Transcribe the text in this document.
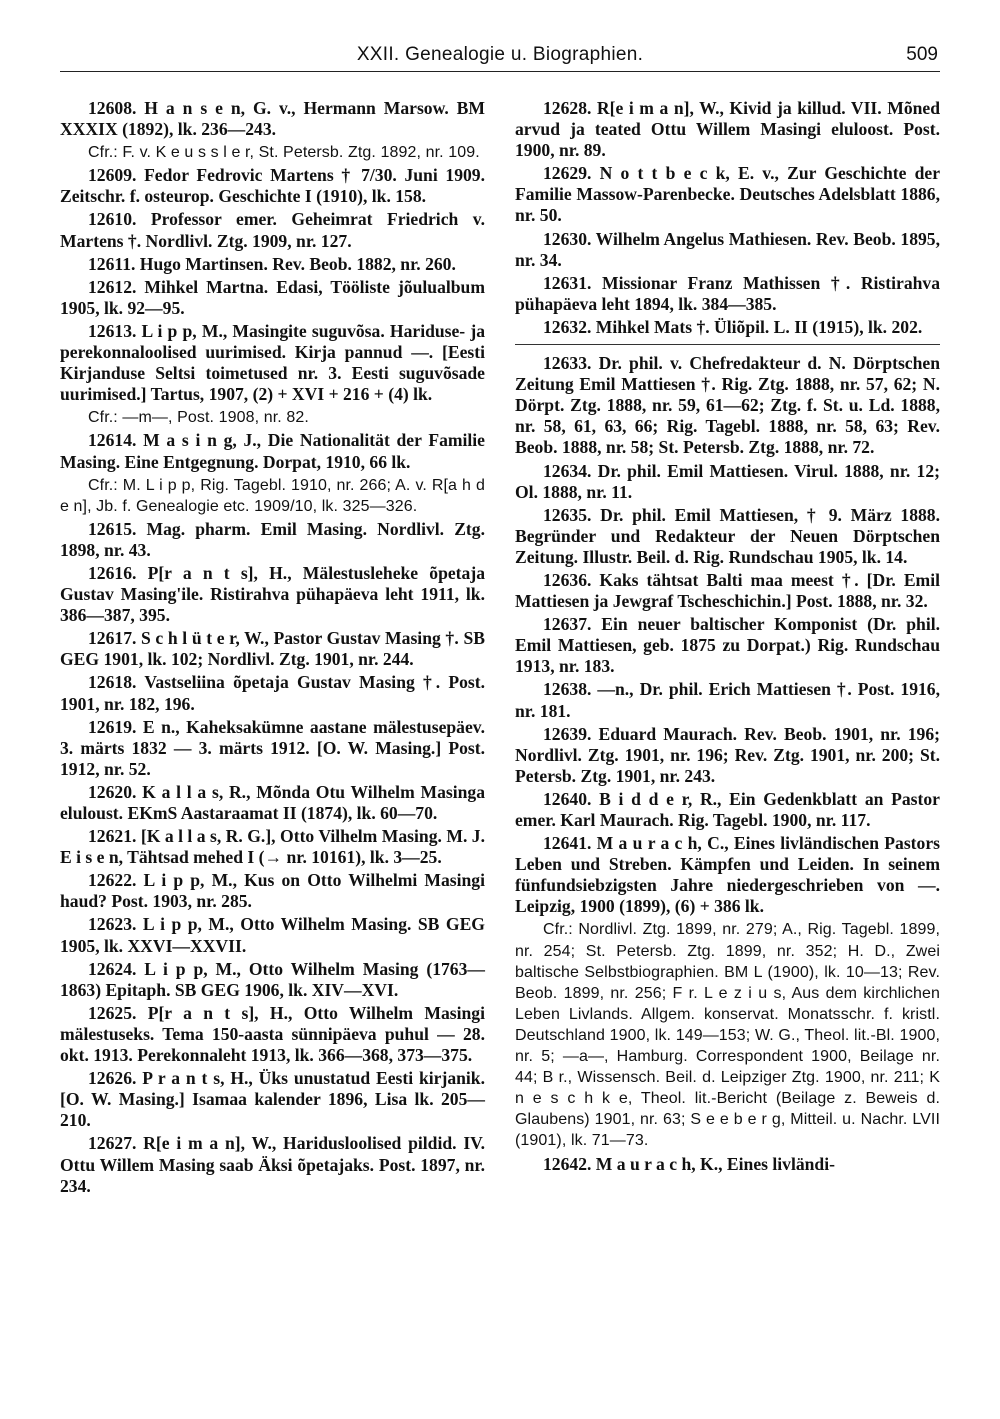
XXII. Genealogie u. Biographien.	509

12608. H a n s e n, G. v., Hermann Marsow. BM XXXIX (1892), lk. 236—243.

Cfr.: F. v. K e u s s l e r, St. Petersb. Ztg. 1892, nr. 109.

12609. Fedor Fedrovic Martens † 7/30. Juni 1909. Zeitschr. f. osteurop. Geschichte I (1910), lk. 158.

12610. Professor emer. Geheimrat Friedrich v. Martens †. Nordlivl. Ztg. 1909, nr. 127.

12611. Hugo Martinsen. Rev. Beob. 1882, nr. 260.

12612. Mihkel Martna. Edasi, Tööliste jõulualbum 1905, lk. 92—95.

12613. L i p p, M., Masingite suguvõsa. Hariduse- ja perekonnaloolised uurimised. Kirja pannud —. [Eesti Kirjanduse Seltsi toimetused nr. 3. Eesti suguvõsade uurimised.] Tartus, 1907, (2) + XVI + 216 + (4) lk.

Cfr.: —m—, Post. 1908, nr. 82.

12614. M a s i n g, J., Die Nationalität der Familie Masing. Eine Entgegnung. Dorpat, 1910, 66 lk.

Cfr.: M. L i p p, Rig. Tagebl. 1910, nr. 266; A. v. R[a h d e n], Jb. f. Genealogie etc. 1909/10, lk. 325—326.

12615. Mag. pharm. Emil Masing. Nordlivl. Ztg. 1898, nr. 43.

12616. P[r a n t s], H., Mälestusleheke õpetaja Gustav Masing'ile. Ristirahva pühapäeva leht 1911, lk. 386—387, 395.

12617. S c h l ü t e r, W., Pastor Gustav Masing †. SB GEG 1901, lk. 102; Nordlivl. Ztg. 1901, nr. 244.

12618. Vastseliina õpetaja Gustav Masing †. Post. 1901, nr. 182, 196.

12619. E n., Kaheksakümne aastane mälestusepäev. 3. märts 1832 — 3. märts 1912. [O. W. Masing.] Post. 1912, nr. 52.

12620. K a l l a s, R., Mõnda Otu Wilhelm Masinga eluloust. EKmS Aastaraamat II (1874), lk. 60—70.

12621. [K a l l a s, R. G.], Otto Vilhelm Masing. M. J. E i s e n, Tähtsad mehed I (→ nr. 10161), lk. 3—25.

12622. L i p p, M., Kus on Otto Wilhelmi Masingi haud? Post. 1903, nr. 285.

12623. L i p p, M., Otto Wilhelm Masing. SB GEG 1905, lk. XXVI—XXVII.

12624. L i p p, M., Otto Wilhelm Masing (1763—1863) Epitaph. SB GEG 1906, lk. XIV—XVI.

12625. P[r a n t s], H., Otto Wilhelm Masingi mälestuseks. Tema 150-aasta sünnipäeva puhul — 28. okt. 1913. Perekonnaleht 1913, lk. 366—368, 373—375.

12626. P r a n t s, H., Üks unustatud Eesti kirjanik. [O. W. Masing.] Isamaa kalender 1896, Lisa lk. 205—210.

12627. R[e i m a n], W., Hariduslоolised pildid. IV. Ottu Willem Masing saab Äksi õpetajaks. Post. 1897, nr. 234.

12628. R[e i m a n], W., Kivid ja killud. VII. Mõned arvud ja teated Ottu Willem Masingi eluloost. Post. 1900, nr. 89.

12629. N o t t b e c k, E. v., Zur Geschichte der Familie Massow-Parenbecke. Deutsches Adelsblatt 1886, nr. 50.

12630. Wilhelm Angelus Mathiesen. Rev. Beob. 1895, nr. 34.

12631. Missionar Franz Mathissen †. Ristirahva pühapäeva leht 1894, lk. 384—385.

12632. Mihkel Mats †. Üliõpil. L. II (1915), lk. 202.

12633. Dr. phil. v. Chefredakteur d. N. Dörptschen Zeitung Emil Mattiesen †. Rig. Ztg. 1888, nr. 57, 62; N. Dörpt. Ztg. 1888, nr. 59, 61—62; Ztg. f. St. u. Ld. 1888, nr. 58, 61, 63, 66; Rig. Tagebl. 1888, nr. 58, 63; Rev. Beob. 1888, nr. 58; St. Petersb. Ztg. 1888, nr. 72.

12634. Dr. phil. Emil Mattiesen. Virul. 1888, nr. 12; Ol. 1888, nr. 11.

12635. Dr. phil. Emil Mattiesen, † 9. März 1888. Begründer und Redakteur der Neuen Dörptschen Zeitung. Illustr. Beil. d. Rig. Rundschau 1905, lk. 14.

12636. Kaks tähtsat Balti maa meest †. [Dr. Emil Mattiesen ja Jewgraf Tscheschichin.] Post. 1888, nr. 32.

12637. Ein neuer baltischer Komponist (Dr. phil. Emil Mattiesen, geb. 1875 zu Dorpat.) Rig. Rundschau 1913, nr. 183.

12638. —n., Dr. phil. Erich Mattiesen †. Post. 1916, nr. 181.

12639. Eduard Maurach. Rev. Beob. 1901, nr. 196; Nordlivl. Ztg. 1901, nr. 196; Rev. Ztg. 1901, nr. 200; St. Petersb. Ztg. 1901, nr. 243.

12640. B i d d e r, R., Ein Gedenkblatt an Pastor emer. Karl Maurach. Rig. Tagebl. 1900, nr. 117.

12641. M a u r a c h, C., Eines livländischen Pastors Leben und Streben. Kämpfen und Leiden. In seinem fünfundsiebzigsten Jahre niedergeschrieben von —. Leipzig, 1900 (1899), (6) + 386 lk.

Cfr.: Nordlivl. Ztg. 1899, nr. 279; A., Rig. Tagebl. 1899, nr. 254; St. Petersb. Ztg. 1899, nr. 352; H. D., Zwei baltische Selbstbiographien. BM L (1900), lk. 10—13; Rev. Beob. 1899, nr. 256; F r. L e z i u s, Aus dem kirchlichen Leben Livlands. Allgem. konservat. Monatsschr. f. kristl. Deutschland 1900, lk. 149—153; W. G., Theol. lit.-Bl. 1900, nr. 5; —a—, Hamburg. Correspondent 1900, Beilage nr. 44; B r., Wissensch. Beil. d. Leipziger Ztg. 1900, nr. 211; K n e s c h k e, Theol. lit.-Bericht (Beilage z. Beweis d. Glaubens) 1901, nr. 63; S e e b e r g, Mitteil. u. Nachr. LVII (1901), lk. 71—73.

12642. M a u r a c h, K., Eines livländi-
